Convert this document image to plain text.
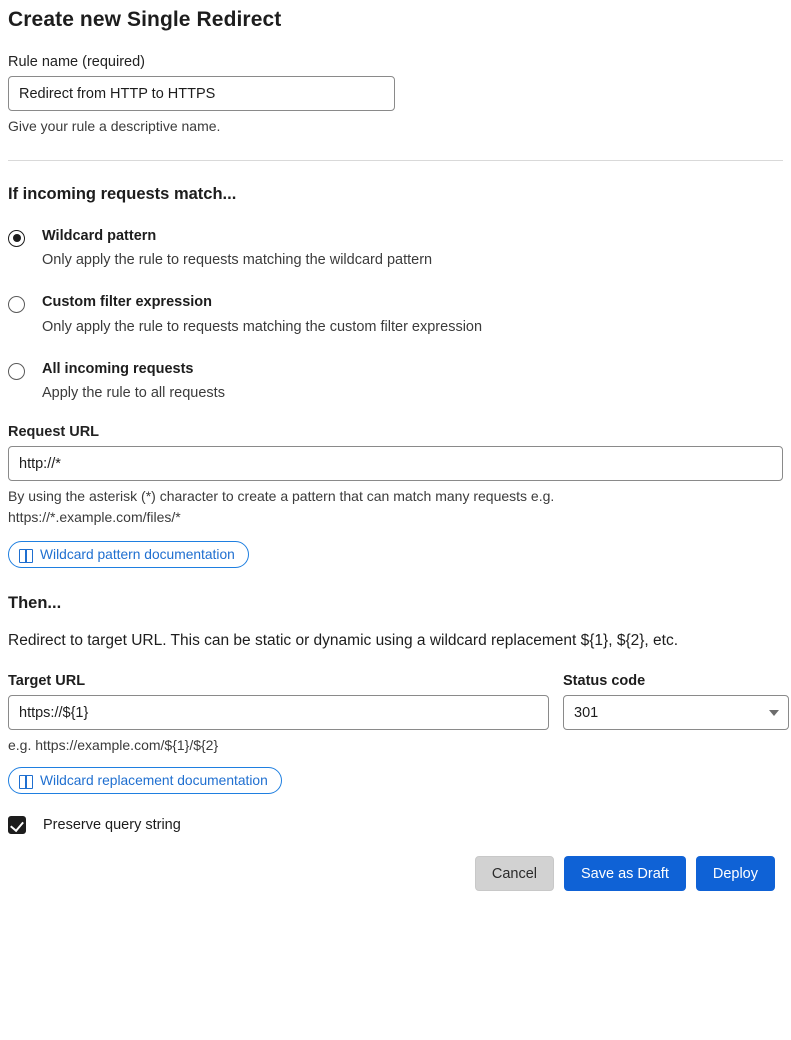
Create new Single Redirect
Rule name (required)
Redirect from HTTP to HTTPS
Give your rule a descriptive name.
If incoming requests match...
Wildcard pattern
Only apply the rule to requests matching the wildcard pattern
Custom filter expression
Only apply the rule to requests matching the custom filter expression
All incoming requests
Apply the rule to all requests
Request URL
http://*
By using the asterisk (*) character to create a pattern that can match many requests e.g.
https://*.example.com/files/*
Wildcard pattern documentation
Then...
Redirect to target URL. This can be static or dynamic using a wildcard replacement ${1}, ${2}, etc.
Target URL
https://${1}	Status code
301
e.g. https://example.com/${1}/${2}
Wildcard replacement documentation
Preserve query string
Cancel	Save as Draft	Deploy
